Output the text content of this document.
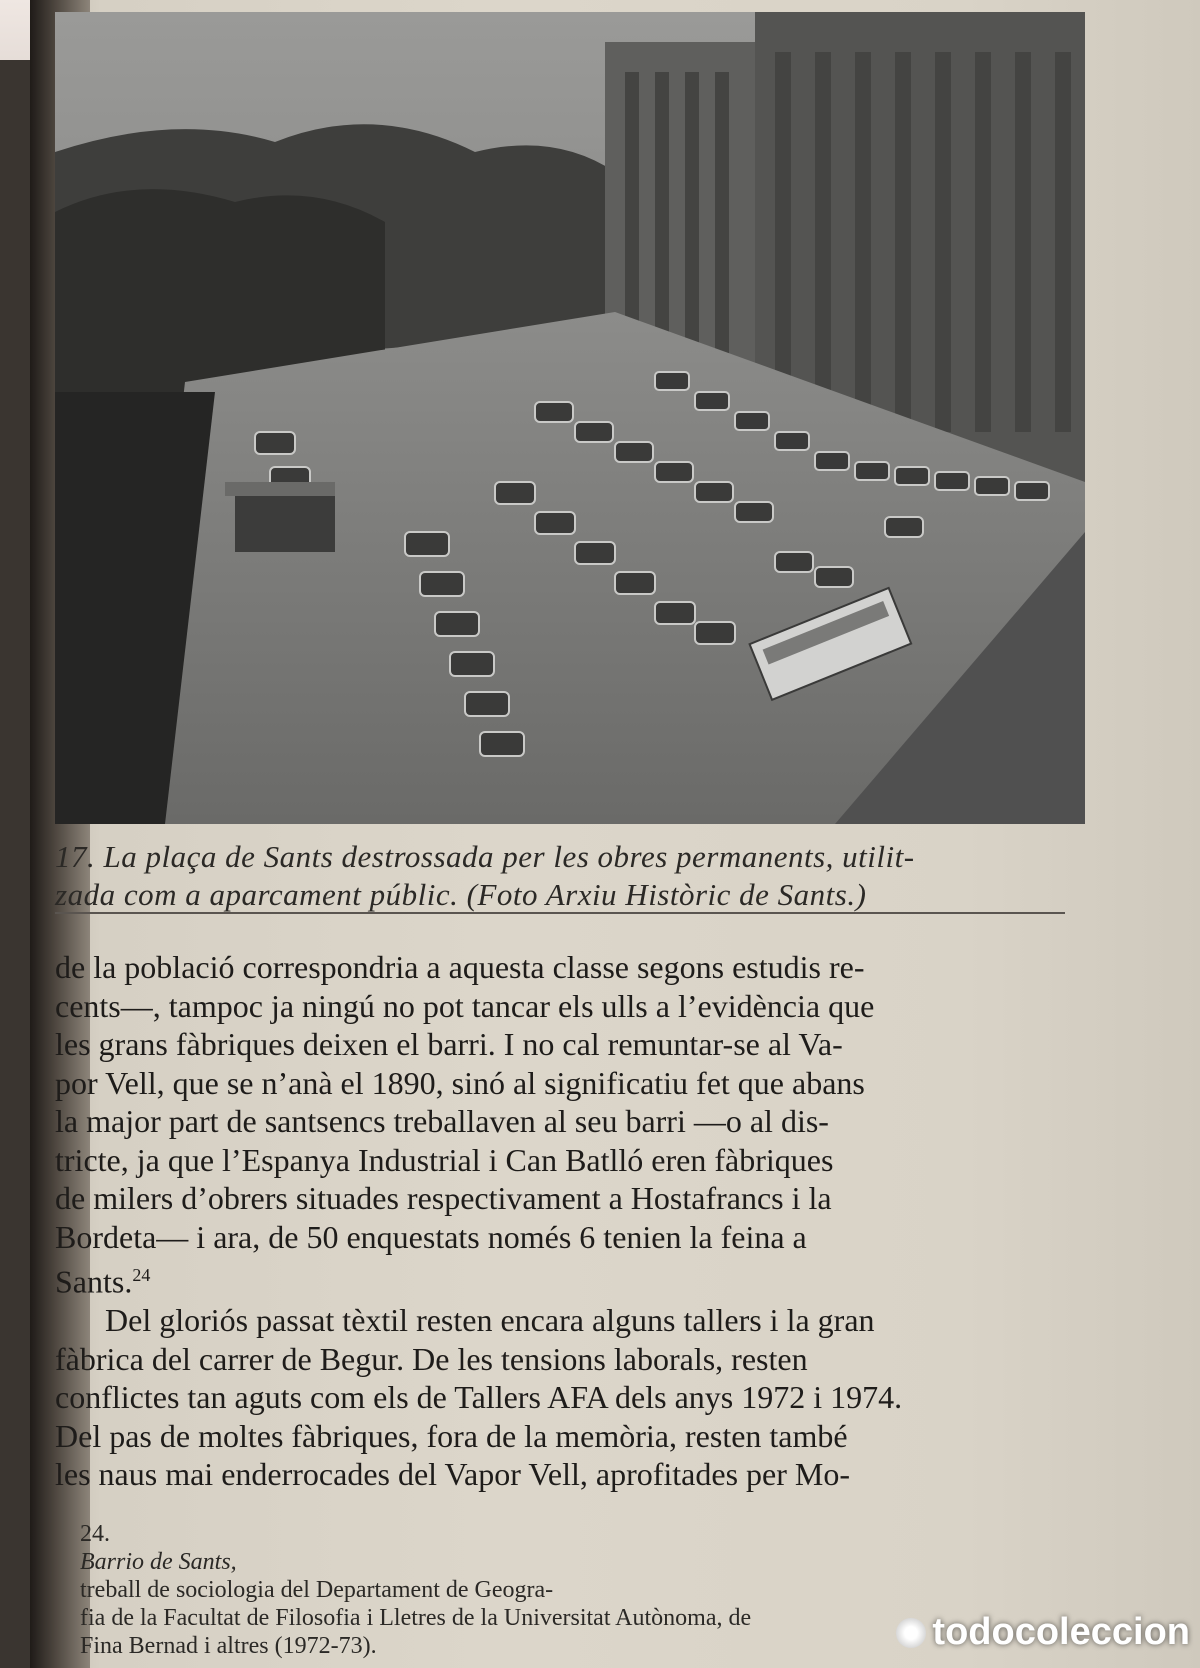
17. La plaça de Sants destrossada per les obres permanents, utilit-
zada com a aparcament públic. (Foto Arxiu Històric de Sants.)
de la població correspondria a aquesta classe segons estudis re-
cents—, tampoc ja ningú no pot tancar els ulls a l’evidència que
les grans fàbriques deixen el barri. I no cal remuntar-se al Va-
por Vell, que se n’anà el 1890, sinó al significatiu fet que abans
la major part de santsencs treballaven al seu barri —o al dis-
tricte, ja que l’Espanya Industrial i Can Batlló eren fàbriques
de milers d’obrers situades respectivament a Hostafrancs i la
Bordeta— i ara, de 50 enquestats només 6 tenien la feina a
Sants.$^{24}$
Del gloriós passat tèxtil resten encara alguns tallers i la gran
fàbrica del carrer de Begur. De les tensions laborals, resten
conflictes tan aguts com els de Tallers AFA dels anys 1972 i 1974.
Del pas de moltes fàbriques, fora de la memòria, resten també
les naus mai enderrocades del Vapor Vell, aprofitades per Mo-
24.
Barrio de Sants,
treball de sociologia del Departament de Geogra-
fia de la Facultat de Filosofia i Lletres de la Universitat Autònoma, de
Fina Bernad i altres (1972-73).	todocoleccion
